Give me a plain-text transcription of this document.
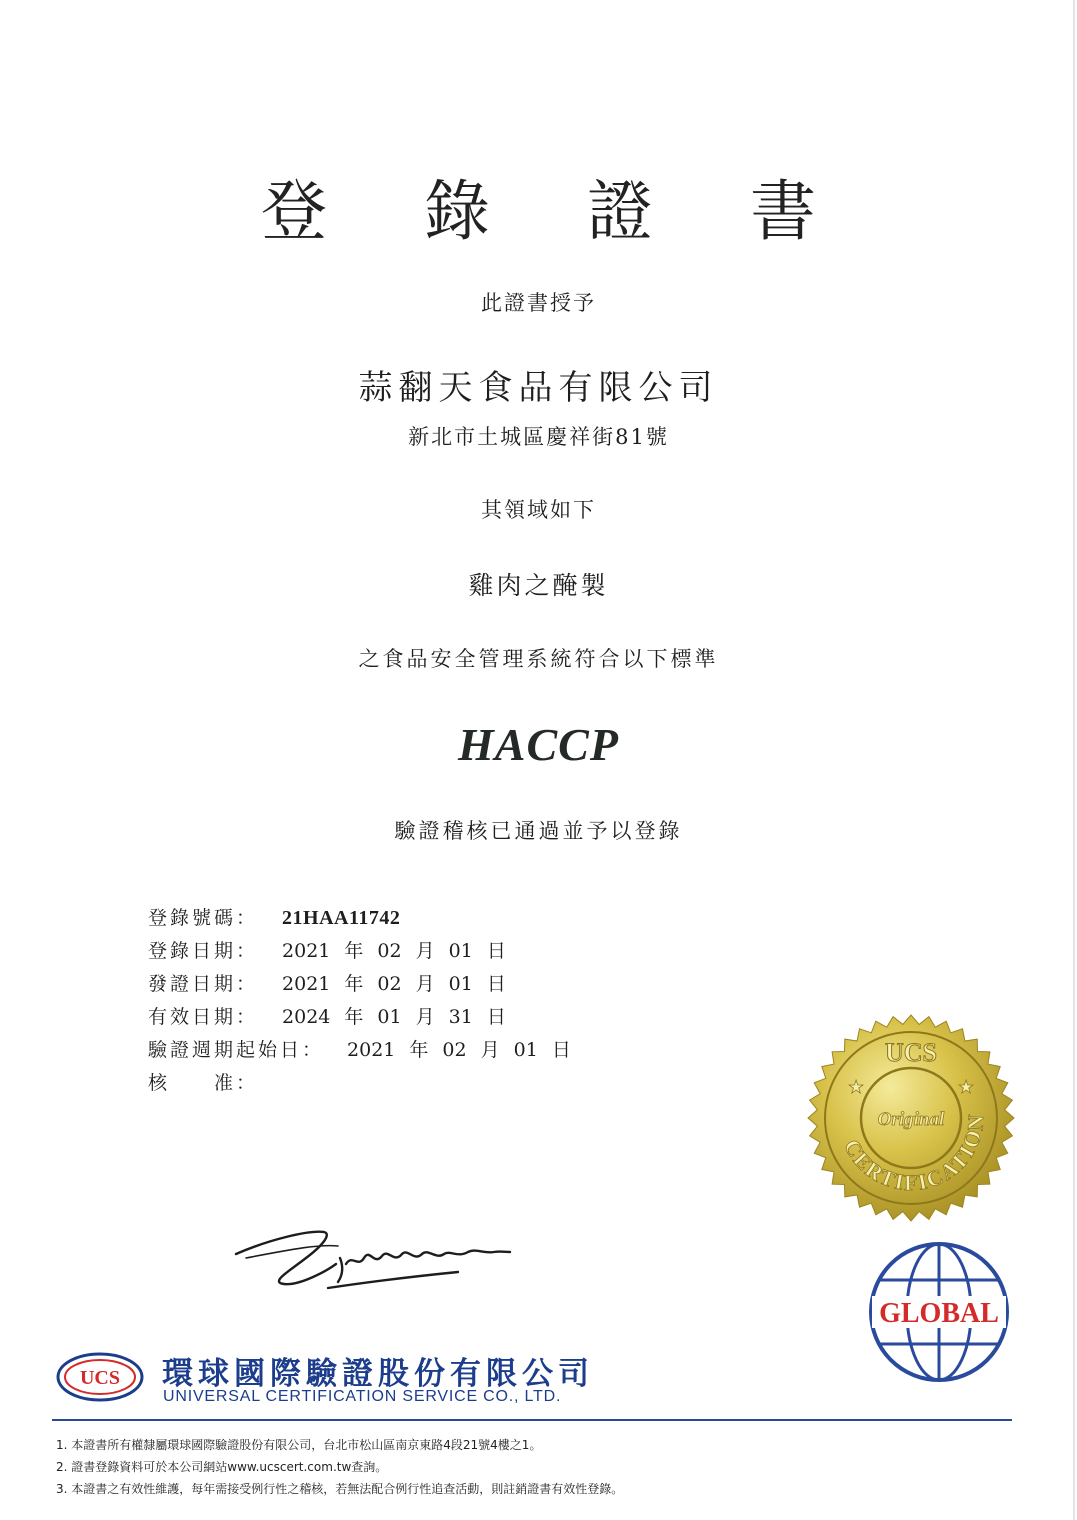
登 錄 證 書
此證書授予
蒜翻天食品有限公司
新北市土城區慶祥街81號
其領域如下
雞肉之醃製
之食品安全管理系統符合以下標準
HACCP
驗證稽核已通過並予以登錄
登錄號碼： 21HAA11742
登錄日期： 2021 年 02 月 01 日
發證日期： 2021 年 02 月 01 日
有效日期： 2024 年 01 月 31 日
驗證週期起始日： 2021 年 02 月 01 日
核　　准：
UCS
Original
CERTIFICATION
★	★
GLOBAL
UCS 環球國際驗證股份有限公司
UNIVERSAL CERTIFICATION SERVICE CO., LTD.
1. 本證書所有權隸屬環球國際驗證股份有限公司，台北市松山區南京東路4段21號4樓之1。
2. 證書登錄資料可於本公司網站www.ucscert.com.tw查詢。
3. 本證書之有效性維護，每年需接受例行性之稽核，若無法配合例行性追查活動，則註銷證書有效性登錄。
